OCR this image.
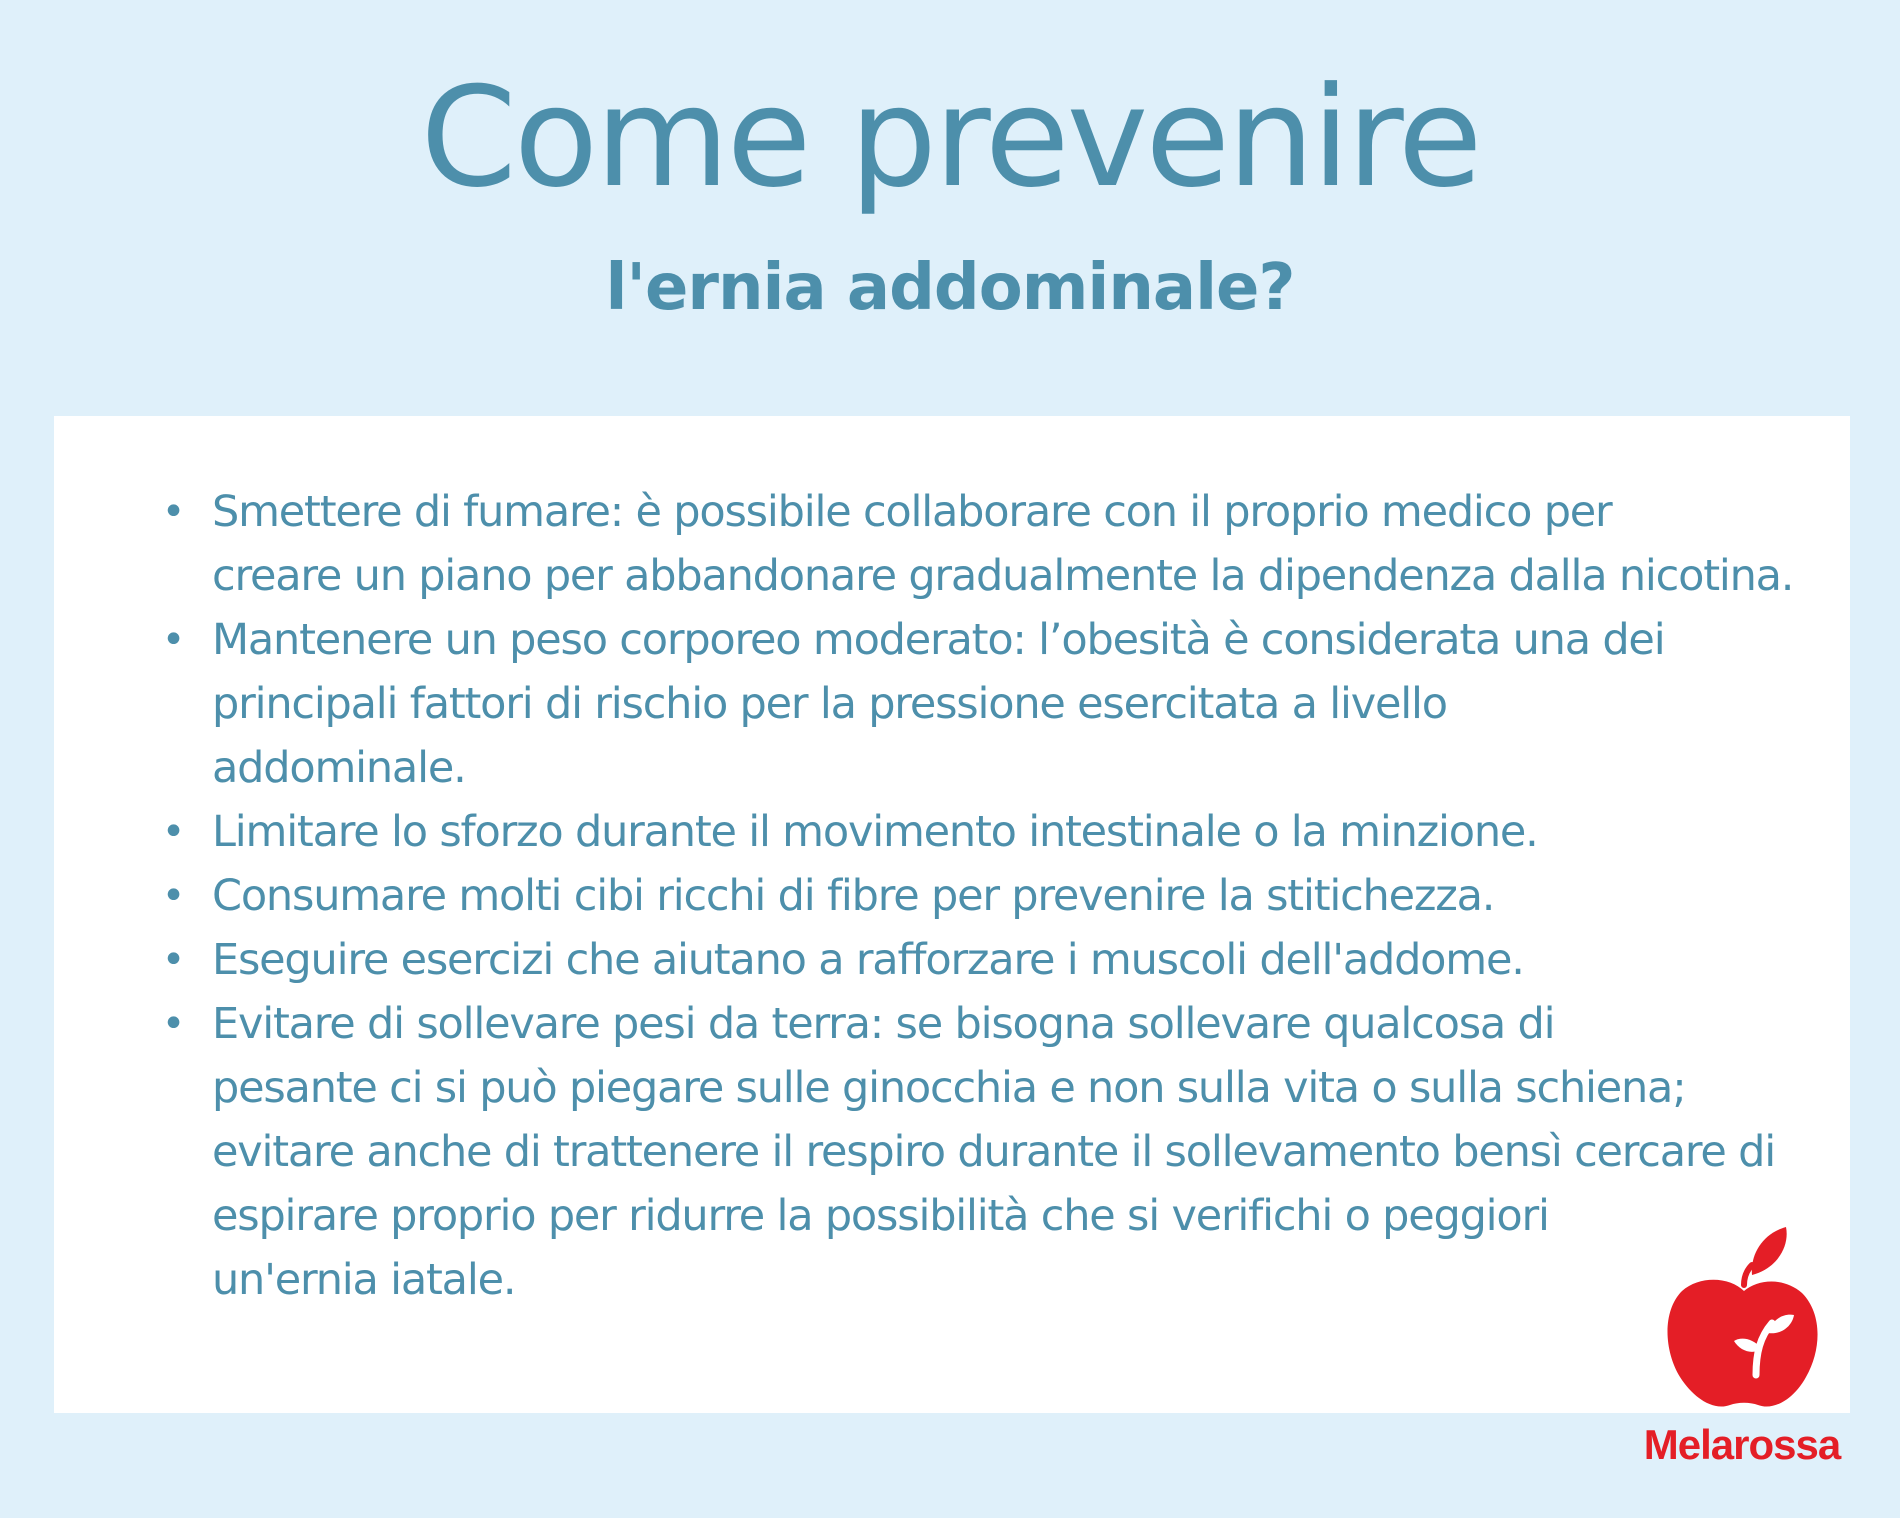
Come prevenire
l'ernia addominale?
• Smettere di fumare: è possibile collaborare con il proprio medico per
creare un piano per abbandonare gradualmente la dipendenza dalla nicotina.
• Mantenere un peso corporeo moderato: l’obesità è considerata una dei
principali fattori di rischio per la pressione esercitata a livello
addominale.
• Limitare lo sforzo durante il movimento intestinale o la minzione.
• Consumare molti cibi ricchi di fibre per prevenire la stitichezza.
• Eseguire esercizi che aiutano a rafforzare i muscoli dell'addome.
• Evitare di sollevare pesi da terra: se bisogna sollevare qualcosa di
pesante ci si può piegare sulle ginocchia e non sulla vita o sulla schiena;
evitare anche di trattenere il respiro durante il sollevamento bensì cercare di
espirare proprio per ridurre la possibilità che si verifichi o peggiori
un'ernia iatale.
Melarossa
